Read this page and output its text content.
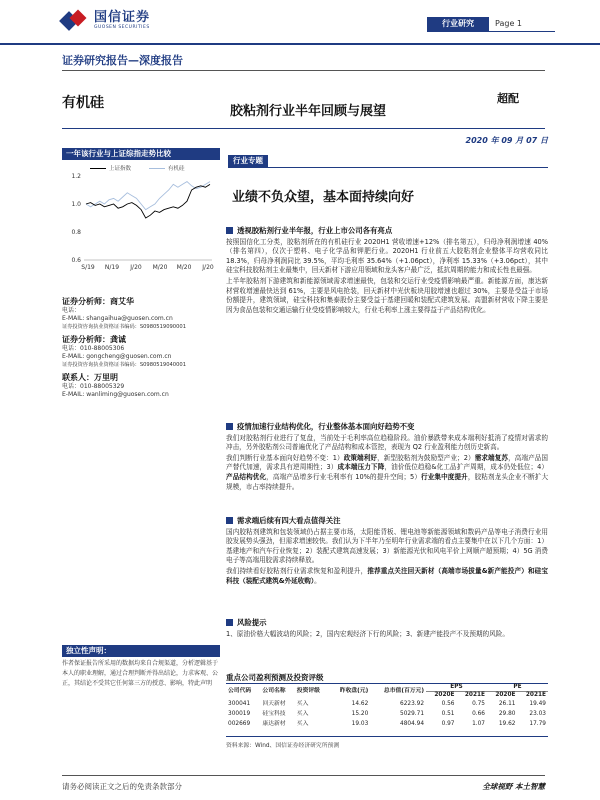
国信证券
GUOSEN SECURITIES	行业研究	Page 1
证券研究报告—深度报告
有机硅
胶粘剂行业半年回顾与展望
超配
2020 年 09 月 07 日
一年该行业与上证综指走势比较
上证指数	有机硅
1.2
1.0
0.8
0.6
S/19 N/19 J/20 M/20 M/20 J/20
证券分析师：商艾华
电话：
E-MAIL: shangaihua@guosen.com.cn
证券投资咨询执业资格证书编码：S0980519090001
证券分析师：龚诚
电话：010-88005306
E-MAIL: gongcheng@guosen.com.cn
证券投资咨询执业资格证书编码：S0980519040001
联系人：万里明
电话：010-88005329
E-MAIL: wanliming@guosen.com.cn
独立性声明：
作者保证报告所采用的数据均来自合规渠道，分析逻辑基于本人的职业理解，通过合理判断并得出结论，力求客观、公正，其结论不受其它任何第三方的授意、影响，特此声明
行业专题
业绩不负众望，基本面持续向好
透视胶粘剂行业半年报，行业上市公司各有亮点

按照国信化工分类，胶粘剂所在的有机硅行业 2020H1 营收增速+12%（排名第五），归母净利润增速 40%（排名第四），仅次于塑料、电子化学品和钾肥行业。2020H1 行业前五大胶粘剂企业整体平均营收同比 18.3%，归母净利润同比 39.5%，平均毛利率 35.64%（+1.06pct），净利率 15.33%（+3.06pct），其中硅宝科技胶粘剂主业最集中，回天新材下游应用领域和龙头客户最广泛，抵抗周期的能力和成长性也最强。

上半年胶粘剂下游建筑和新能源领域需求增速最快，包装和交运行业受疫情影响最严重。新能源方面，康达新材营收增速最快达到 61%，主要是风电抢装，回天新材中光伏板块用胶增速也超过 30%，主要是受益于市场份额提升，建筑领域，硅宝科技和集泰股份主要受益于基建回暖和装配式建筑发展。高盟新材营收下降主要是因为食品包装和交通运输行业受疫情影响较大，行业毛利率上涨主要得益于产品结构优化。

疫情加速行业结构优化，行业整体基本面向好趋势不变

我们对胶粘剂行业进行了复盘，当前处于毛利率高位趋稳阶段。油价暴跌带来成本端利好抵消了疫情对需求的冲击，另外胶粘剂公司普遍优化了产品结构和成本管控，表现为 Q2 行业盈利能力创历史新高。

我们判断行业基本面向好趋势不变：1）政策端利好，新型胶粘剂为鼓励型产业；2）需求端复苏，高端产品国产替代加速，需求具有逆周期性；3）成本端压力下降，油价低位趋稳&化工品扩产周期，成本仍处低位；4）产品结构优化，高端产品增多行业毛利率有 10%的提升空间；5）行业集中度提升，胶粘剂龙头企业不断扩大规模，市占率持续提升。

需求端后续有四大看点值得关注

国内胶粘剂建筑和包装领域仍占据主要市场，太阳能背板、锂电池等新能源领域和数码产品等电子消费行业用胶发展势头强劲，但需求增速较快。我们认为下半年乃至明年行业需求端的看点主要集中在以下几个方面：1）基建地产和汽车行业恢复；2）装配式建筑高速发展；3）新能源光伏和风电平价上网顺产超预期；4）5G 消费电子等高端用胶需求持续释放。

我们持续看好胶粘剂行业需求恢复和盈利提升，推荐重点关注回天新材（高端市场拔量&新产能投产）和硅宝科技（装配式建筑&外延收购）。

风险提示

1、原油价格大幅波动的风险；2，国内宏观经济下行的风险；3、新建产能投产不及预期的风险。

重点公司盈利预测及投资评级
公司代码	公司名称	投资评级	昨收盘(元)	总市值(百万元)	EPS		PE	
					2020E	2021E	2020E	2021E
300041	回天新材	买入	14.62	6223.92	0.56	0.75	26.11	19.49
300019	硅宝科技	买入	15.20	5029.71	0.51	0.66	29.80	23.03
002669	康达新材	买入	19.03	4804.94	0.97	1.07	19.62	17.79
资料来源：Wind、国信证券经济研究所预测
请务必阅读正文之后的免责条款部分	全球视野 本土智慧
